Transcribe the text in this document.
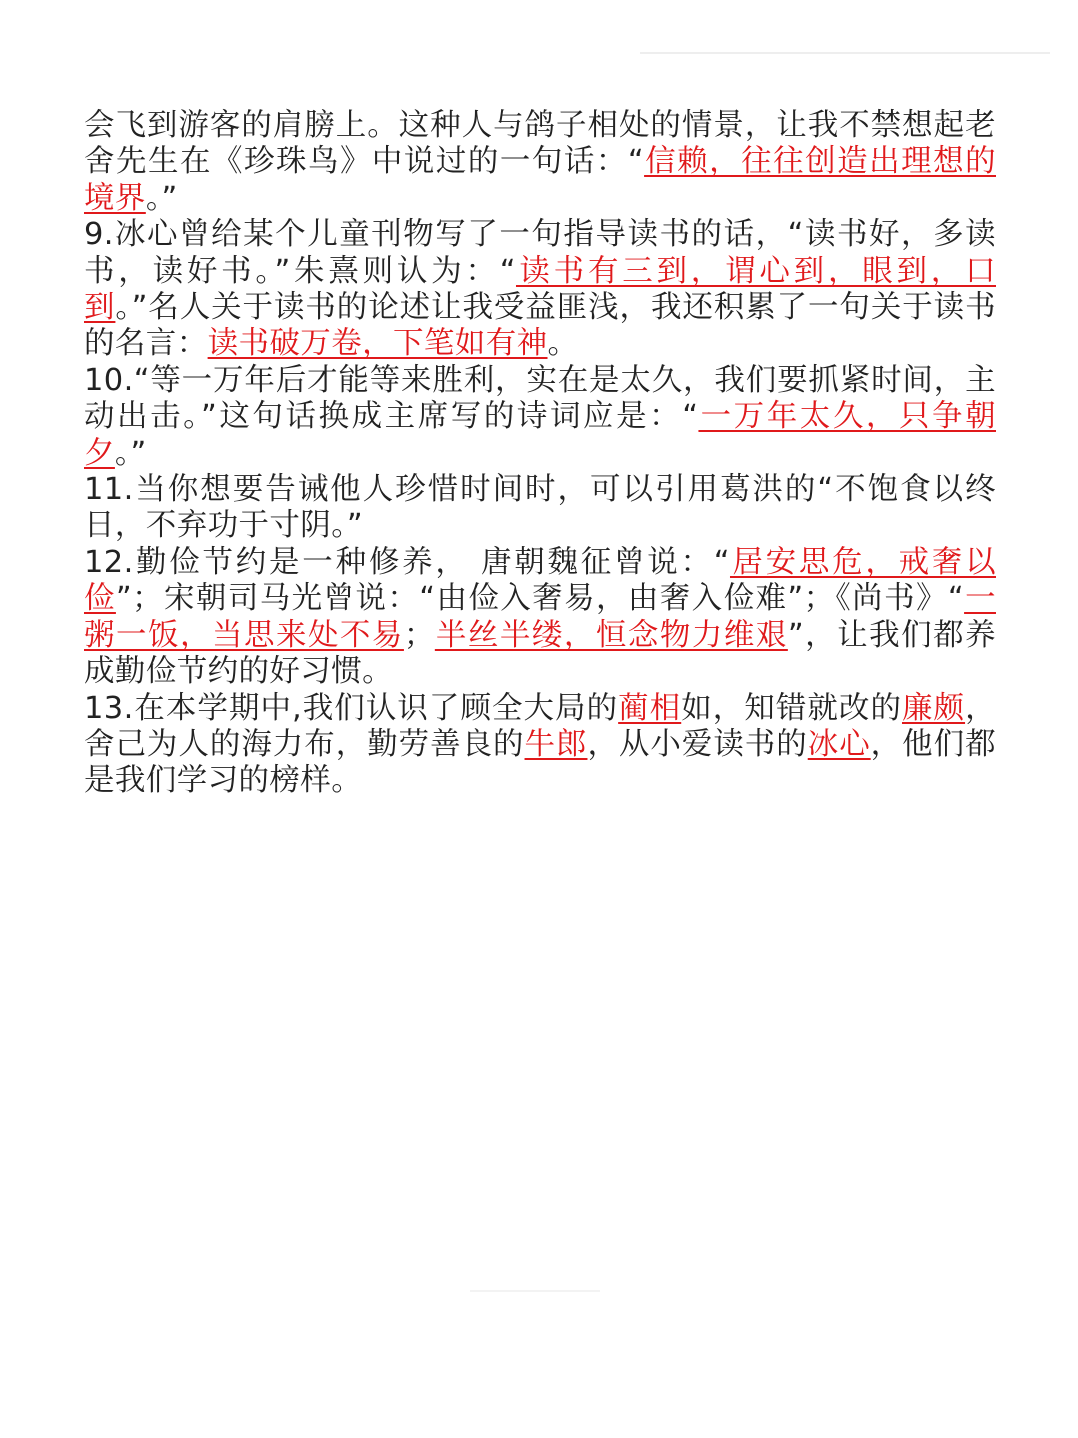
会飞到游客的肩膀上。这种人与鸽子相处的情景，让我不禁想起老舍先生在《珍珠鸟》中说过的一句话：“信赖，往往创造出理想的境界。”

9.冰心曾给某个儿童刊物写了一句指导读书的话，“读书好，多读书，读好书。”朱熹则认为：“读书有三到，谓心到，眼到，口到。”名人关于读书的论述让我受益匪浅，我还积累了一句关于读书的名言：读书破万卷，下笔如有神。

10.“等一万年后才能等来胜利，实在是太久，我们要抓紧时间，主动出击。”这句话换成主席写的诗词应是：“一万年太久，只争朝夕。”

11.当你想要告诫他人珍惜时间时，可以引用葛洪的“不饱食以终日，不弃功于寸阴。”

12.勤俭节约是一种修养， 唐朝魏征曾说：“居安思危，戒奢以俭”；宋朝司马光曾说：“由俭入奢易，由奢入俭难”；《尚书》“一粥一饭，当思来处不易；半丝半缕，恒念物力维艰”，让我们都养成勤俭节约的好习惯。

13.在本学期中,我们认识了顾全大局的蔺相如，知错就改的廉颇，舍己为人的海力布，勤劳善良的牛郎，从小爱读书的冰心，他们都是我们学习的榜样。
